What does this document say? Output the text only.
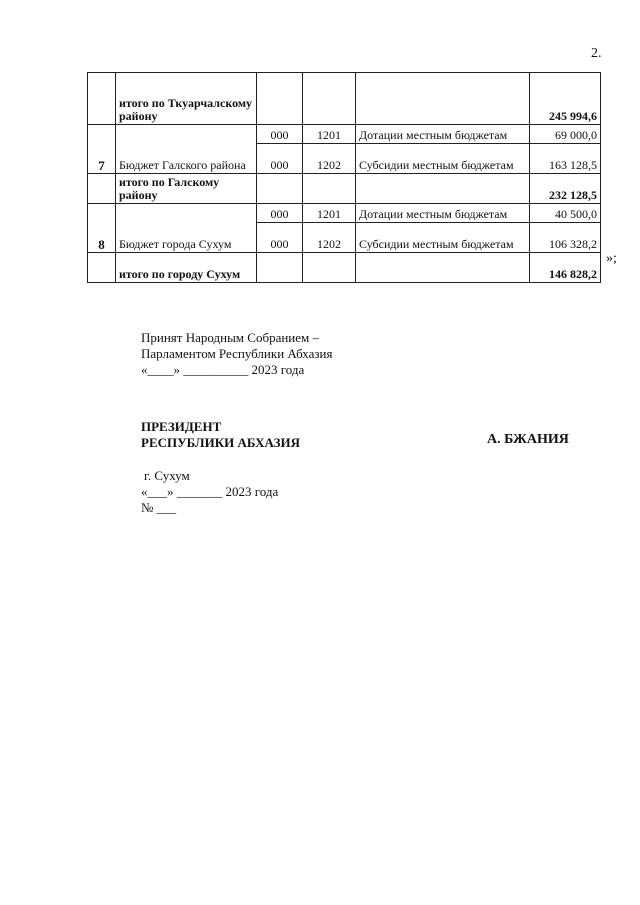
2.
	итого по Ткуарчалскому району				245 994,6
7	Бюджет Галского района	000	1201	Дотации местным бюджетам	69 000,0
		000	1202	Субсидии местным бюджетам	163 128,5
	итого по Галскому району				232 128,5
8	Бюджет города Сухум	000	1201	Дотации местным бюджетам	40 500,0
		000	1202	Субсидии местным бюджетам	106 328,2
	итого по городу Сухум				146 828,2
»;
Принят Народным Собранием –
Парламентом Республики Абхазия
«____» __________ 2023 года
ПРЕЗИДЕНТ
РЕСПУБЛИКИ АБХАЗИЯ	А. БЖАНИЯ
г. Сухум
«___» _______ 2023 года
№ ___
